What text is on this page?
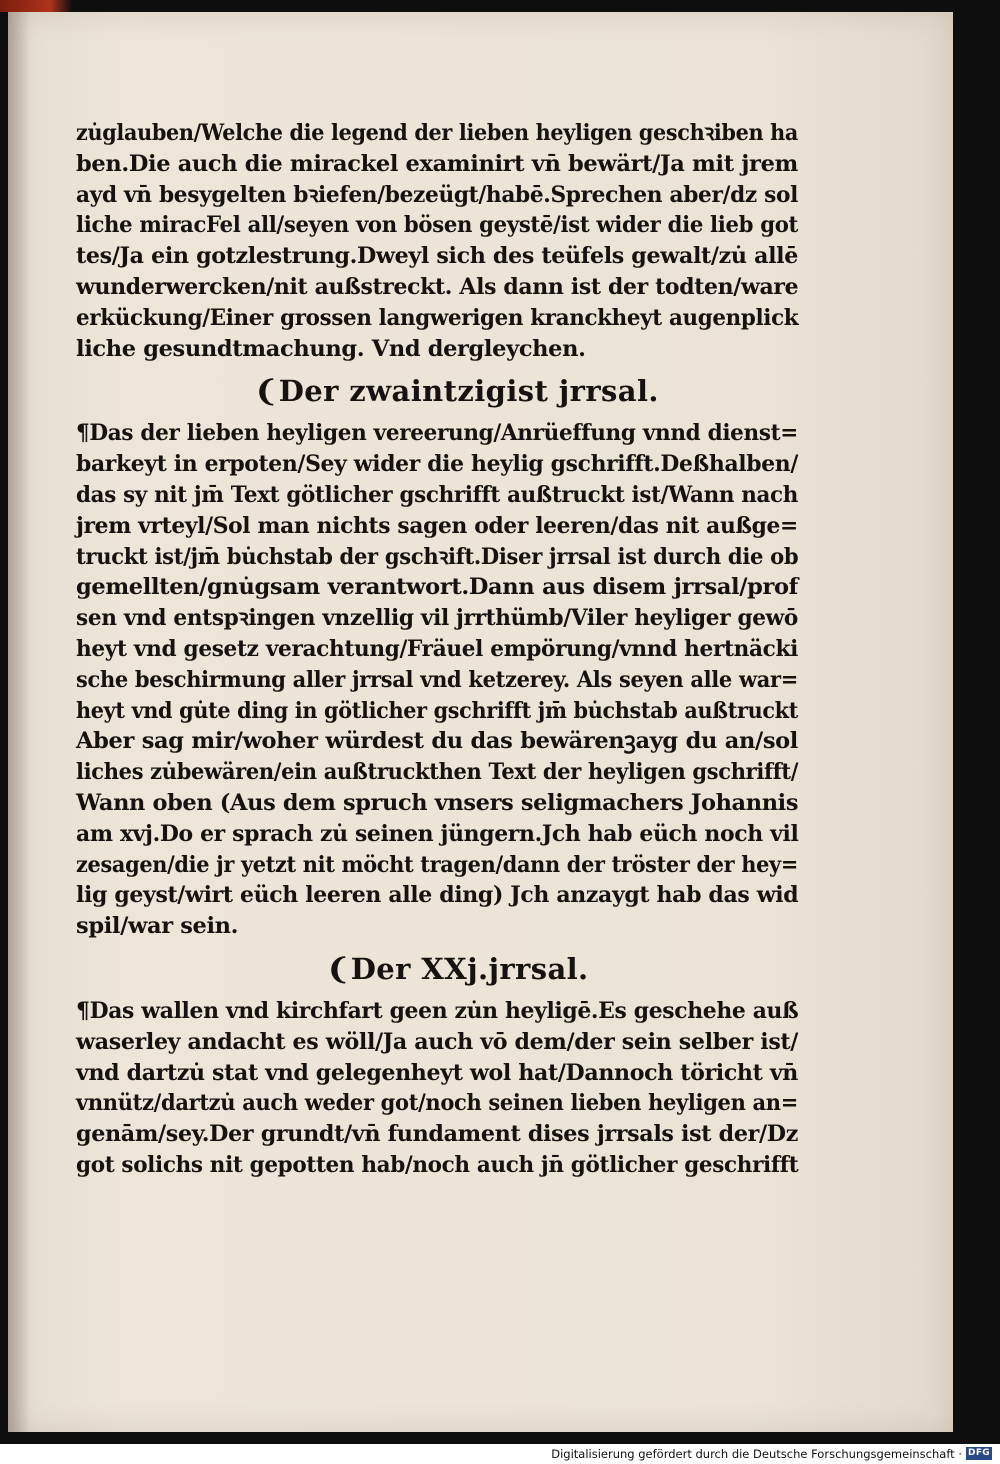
zu̇glauben/Welche die legend der lieben heyligen geschꝛiben ha
ben.Die auch die mirackel examinirt vn̄ bewärt/Ja mit jrem
ayd vn̄ besygelten bꝛiefen/bezeügt/habē.Sprechen aber/dz sol
liche miracFel all/seyen von bösen geystē/ist wider die lieb got
tes/Ja ein gotzlestrung.Dweyl sich des teüfels gewalt/zu̇ allē
wunderwercken/nit außstreckt. Als dann ist der todten/ware
erkückung/Einer grossen langwerigen kranckheyt augenplick
liche gesundtmachung. Vnd dergleychen.
❨Der zwaintzigist jrrsal.
¶Das der lieben heyligen vereerung/Anrüeffung vnnd dienst=
barkeyt in erpoten/Sey wider die heylig gschrifft.Deßhalben/
das sy nit jm̄ Text götlicher gschrifft außtruckt ist/Wann nach
jrem vrteyl/Sol man nichts sagen oder leeren/das nit außge=
truckt ist/jm̄ bu̇chstab der gschꝛift.Diser jrrsal ist durch die ob
gemellten/gnu̇gsam verantwort.Dann aus disem jrrsal/prof
sen vnd entspꝛingen vnzellig vil jrrthümb/Viler heyliger gewō
heyt vnd gesetz verachtung/Fräuel empörung/vnnd hertnäcki
sche beschirmung aller jrrsal vnd ketzerey. Als seyen alle war=
heyt vnd gu̇te ding in götlicher gschrifft jm̄ bu̇chstab außtruckt
Aber sag mir/woher würdest du das bewärenꝫayg du an/sol
liches zu̇bewären/ein außtruckthen Text der heyligen gschrifft/
Wann oben (Aus dem spruch vnsers seligmachers Johannis
am xvj.Do er sprach zu̇ seinen jüngern.Jch hab eüch noch vil
zesagen/die jr yetzt nit möcht tragen/dann der tröster der hey=
lig geyst/wirt eüch leeren alle ding) Jch anzaygt hab das wid
spil/war sein.
❨Der XXj.jrrsal.
¶Das wallen vnd kirchfart geen zu̇n heyligē.Es geschehe auß
waserley andacht es wöll/Ja auch vō dem/der sein selber ist/
vnd dartzu̇ stat vnd gelegenheyt wol hat/Dannoch töricht vn̄
vnnütz/dartzu̇ auch weder got/noch seinen lieben heyligen an=
genām/sey.Der grundt/vn̄ fundament dises jrrsals ist der/Dz
got solichs nit gepotten hab/noch auch jn̄ götlicher geschrifft
Digitalisierung gefördert durch die Deutsche Forschungsgemeinschaft · DFG
